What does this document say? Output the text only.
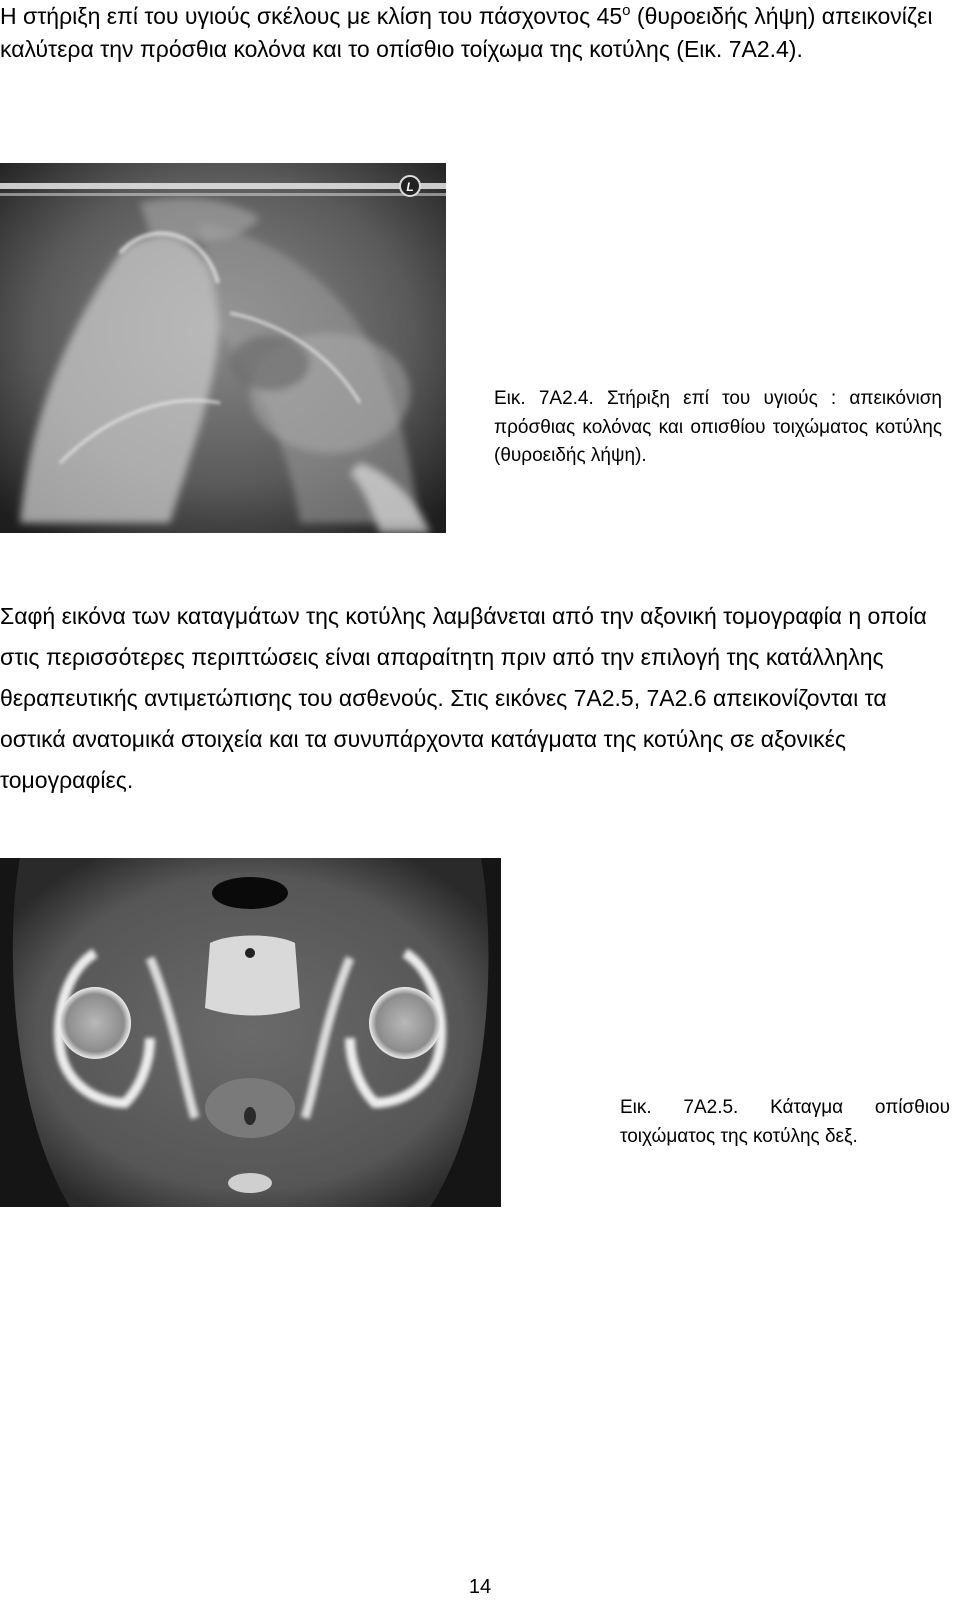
Η στήριξη επί του υγιούς σκέλους με κλίση του πάσχοντος $45^o$ (θυροειδής λήψη) απεικονίζει καλύτερα την πρόσθια κολόνα και το οπίσθιο τοίχωμα της κοτύλης (Εικ. 7Α2.4).

L

Εικ. 7Α2.4. Στήριξη επί του υγιούς : απεικόνιση πρόσθιας κολόνας και οπισθίου τοιχώματος κοτύλης (θυροειδής λήψη).

Σαφή εικόνα των καταγμάτων της κοτύλης λαμβάνεται από την αξονική τομογραφία η οποία στις περισσότερες περιπτώσεις είναι απαραίτητη πριν από την επιλογή της κατάλληλης θεραπευτικής αντιμετώπισης του ασθενούς. Στις εικόνες 7Α2.5, 7Α2.6 απεικονίζονται τα οστικά ανατομικά στοιχεία και τα συνυπάρχοντα κατάγματα της κοτύλης σε αξονικές τομογραφίες.

Εικ. 7Α2.5. Κάταγμα οπίσθιου τοιχώματος της κοτύλης δεξ.

14
